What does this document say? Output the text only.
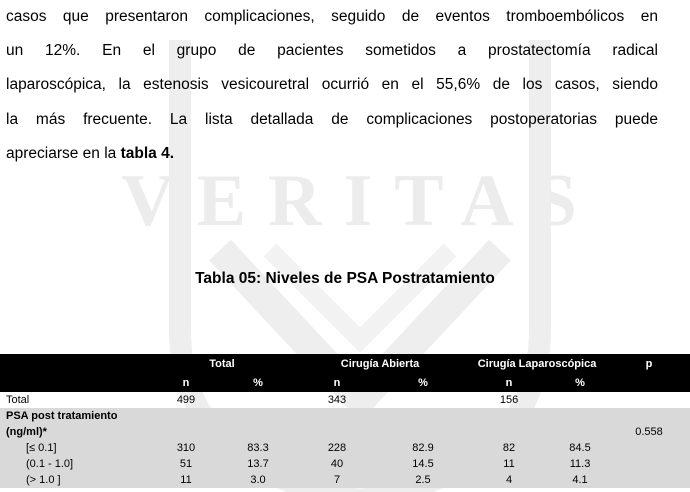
VERITAS
casos que presentaron complicaciones, seguido de eventos tromboembólicos en
un 12%. En el grupo de pacientes sometidos a prostatectomía radical
laparoscópica, la estenosis vesicouretral ocurrió en el 55,6% de los casos, siendo
la más frecuente. La lista detallada de complicaciones postoperatorias puede
apreciarse en la tabla 4.
Tabla 05: Niveles de PSA Postratamiento
	Total		Cirugía Abierta		Cirugía Laparoscópica		p
	n	%	n	%	n	%	
Total	499		343		156		
PSA post tratamiento							
(ng/ml)*							0.558
[≤ 0.1]	310	83.3	228	82.9	82	84.5	
(0.1 - 1.0]	51	13.7	40	14.5	11	11.3	
(> 1.0 ]	11	3.0	7	2.5	4	4.1	
